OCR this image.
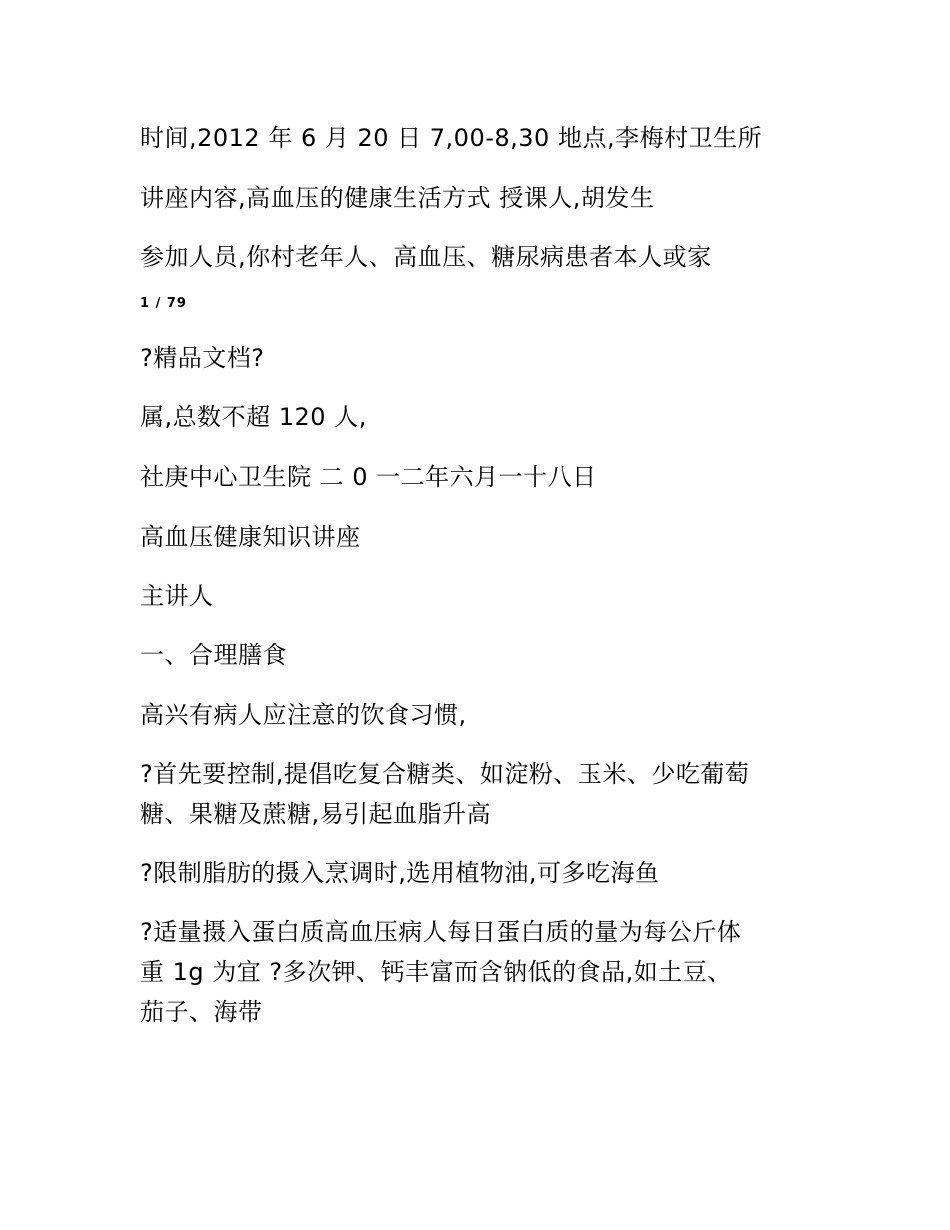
时间,2012 年 6 月 20 日 7,00-8,30 地点,李梅村卫生所
讲座内容,高血压的健康生活方式 授课人,胡发生
参加人员,你村老年人、高血压、糖尿病患者本人或家
1 / 79
?精品文档?
属,总数不超 120 人,
社庚中心卫生院 二 0 一二年六月一十八日
高血压健康知识讲座
主讲人
一、合理膳食
高兴有病人应注意的饮食习惯,
?首先要控制,提倡吃复合糖类、如淀粉、玉米、少吃葡萄
糖、果糖及蔗糖,易引起血脂升高
?限制脂肪的摄入烹调时,选用植物油,可多吃海鱼
?适量摄入蛋白质高血压病人每日蛋白质的量为每公斤体
重 1g 为宜 ?多次钾、钙丰富而含钠低的食品,如土豆、
茄子、海带
